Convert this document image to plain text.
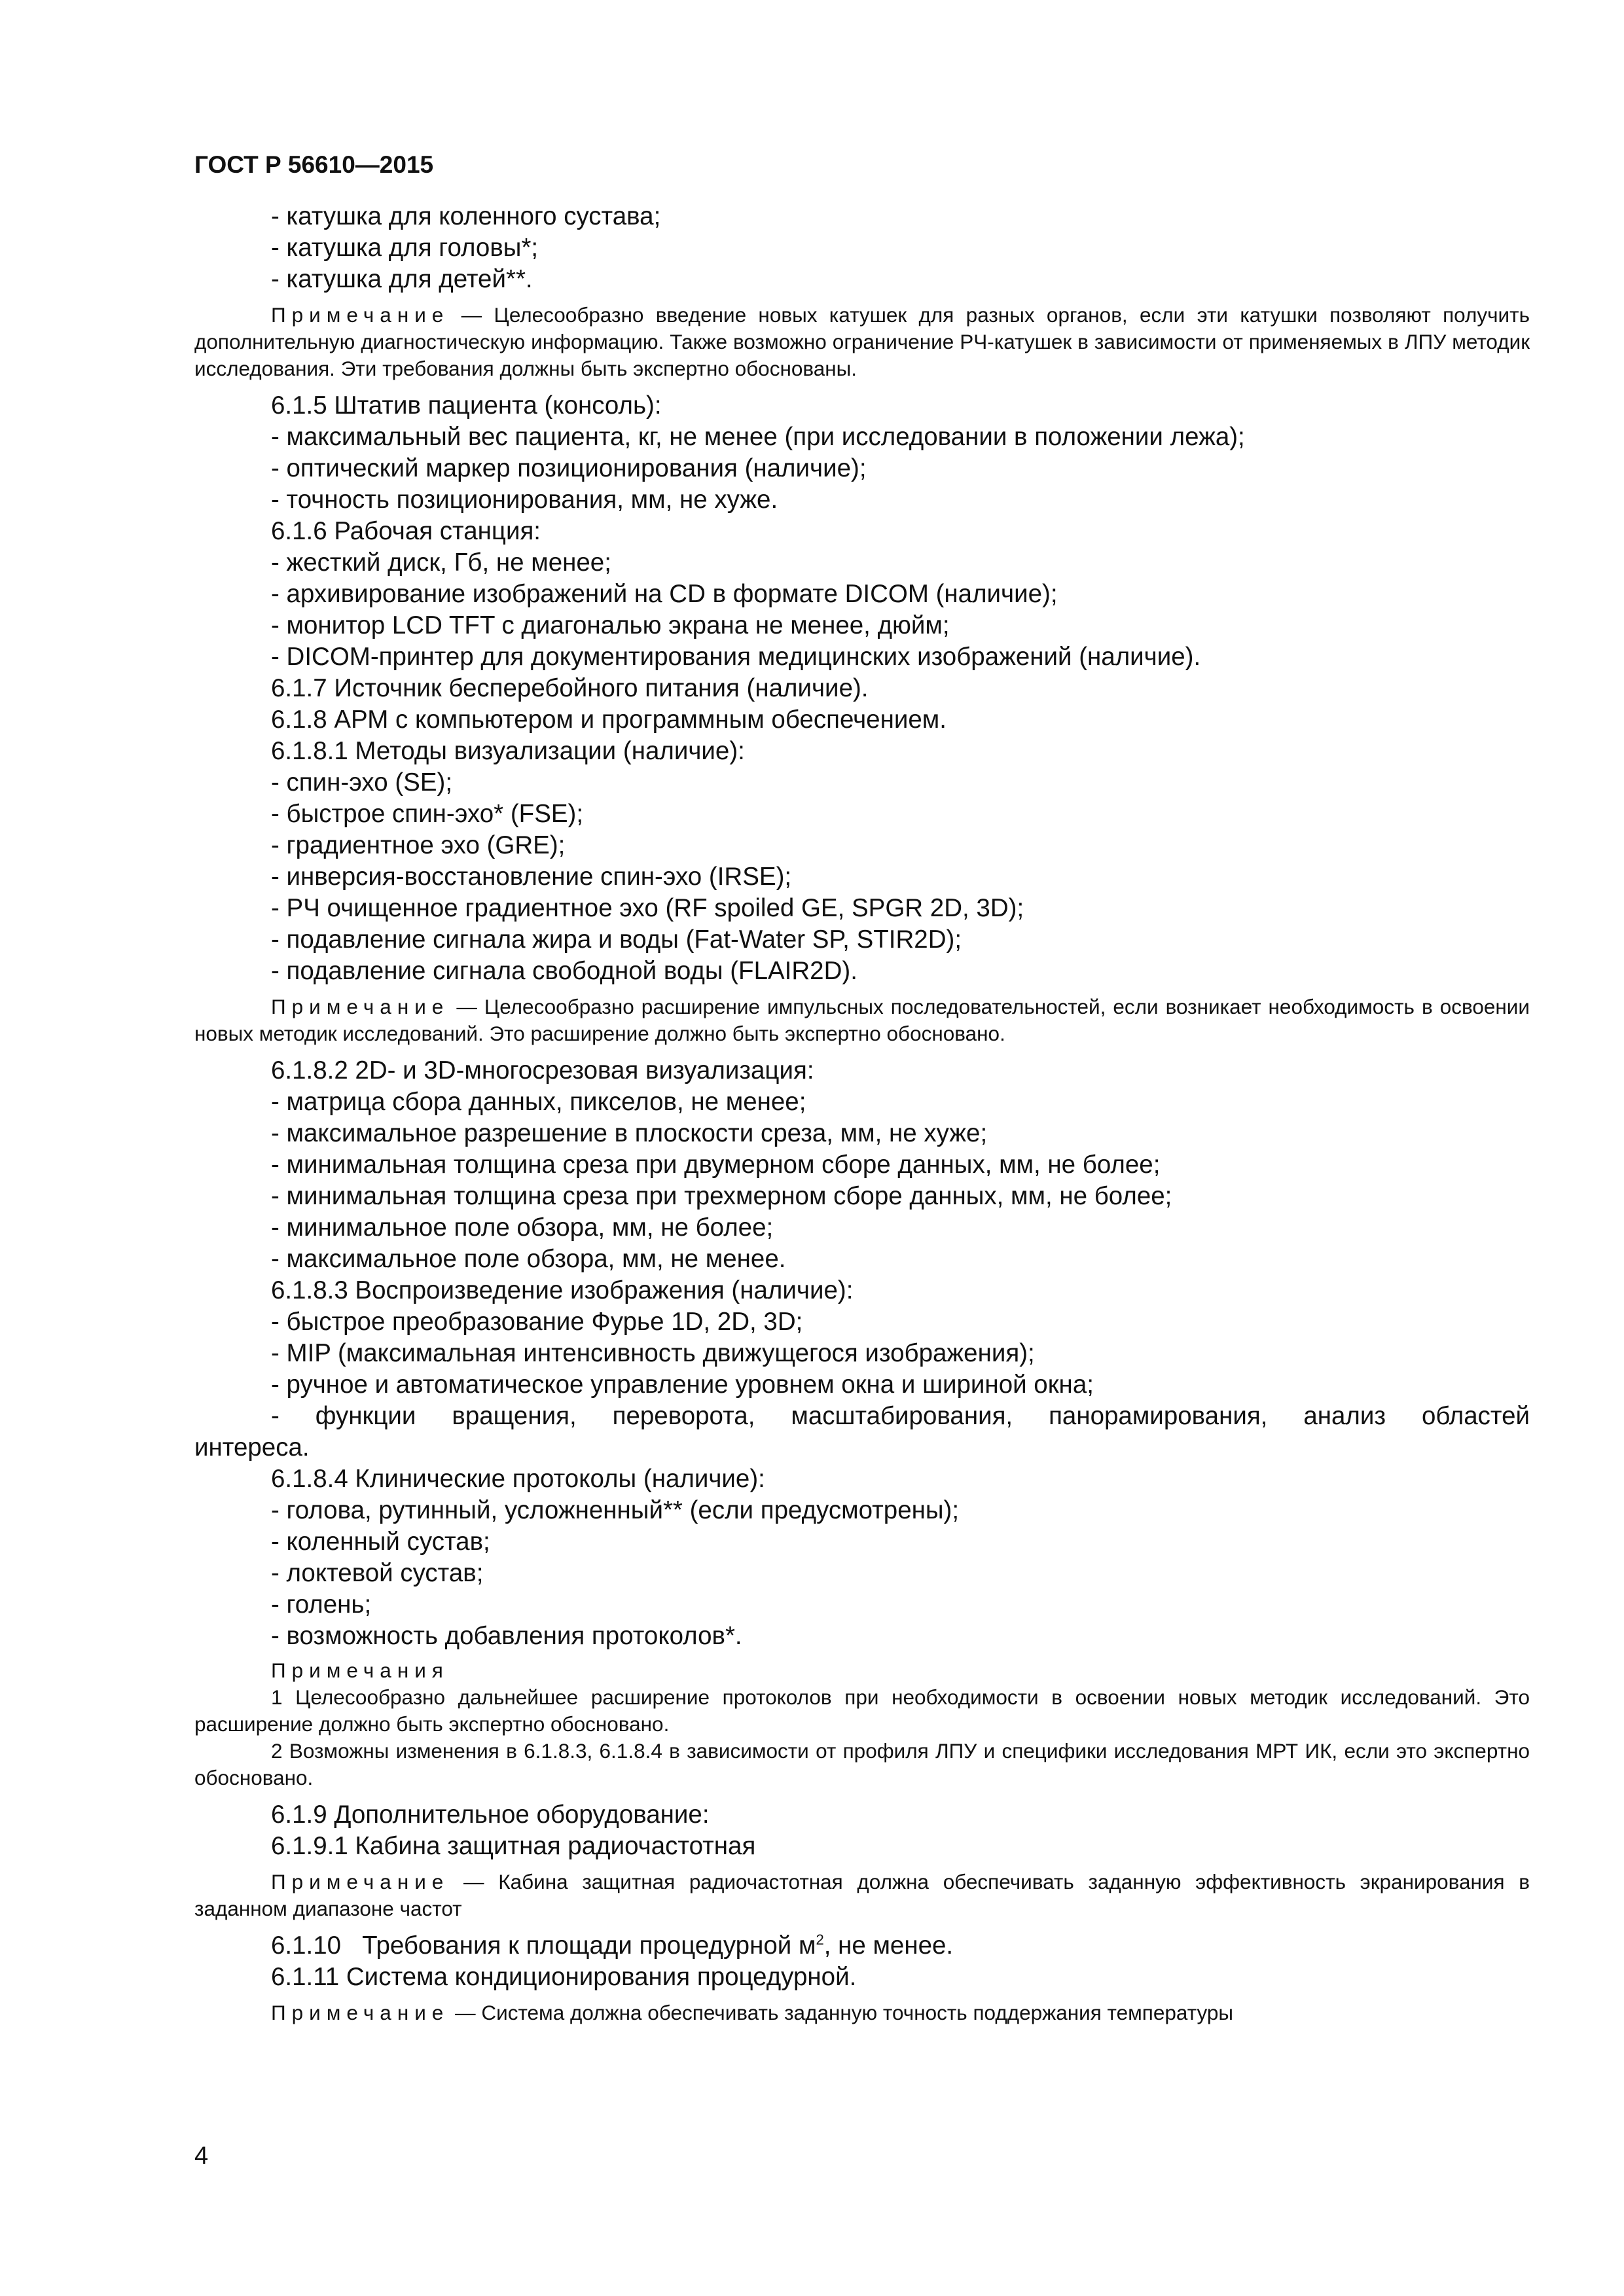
ГОСТ Р 56610—2015

- катушка для коленного сустава;

- катушка для головы*;

- катушка для детей**.

Примечание — Целесообразно введение новых катушек для разных органов, если эти катушки позволяют получить дополнительную диагностическую информацию. Также возможно ограничение РЧ-катушек в зависимости от применяемых в ЛПУ методик исследования. Эти требования должны быть экспертно обоснованы.

6.1.5 Штатив пациента (консоль):

- максимальный вес пациента, кг, не менее (при исследовании в положении лежа);

- оптический маркер позиционирования (наличие);

- точность позиционирования, мм, не хуже.

6.1.6 Рабочая станция:

- жесткий диск, Гб, не менее;

- архивирование изображений на CD в формате DICOM (наличие);

- монитор LCD TFT с диагональю экрана не менее, дюйм;

- DICOM-принтер для документирования медицинских изображений (наличие).

6.1.7 Источник бесперебойного питания (наличие).

6.1.8 АРМ с компьютером и программным обеспечением.

6.1.8.1 Методы визуализации (наличие):

- спин-эхо (SE);

- быстрое спин-эхо* (FSE);

- градиентное эхо (GRE);

- инверсия-восстановление спин-эхо (IRSE);

- РЧ очищенное градиентное эхо (RF spoiled GE, SPGR 2D, 3D);

- подавление сигнала жира и воды (Fat-Water SP, STIR2D);

- подавление сигнала свободной воды (FLAIR2D).

Примечание — Целесообразно расширение импульсных последовательностей, если возникает необходимость в освоении новых методик исследований. Это расширение должно быть экспертно обосновано.

6.1.8.2 2D- и 3D-многосрезовая визуализация:

- матрица сбора данных, пикселов, не менее;

- максимальное разрешение в плоскости среза, мм, не хуже;

- минимальная толщина среза при двумерном сборе данных, мм, не более;

- минимальная толщина среза при трехмерном сборе данных, мм, не более;

- минимальное поле обзора, мм, не более;

- максимальное поле обзора, мм, не менее.

6.1.8.3 Воспроизведение изображения (наличие):

- быстрое преобразование Фурье 1D, 2D, 3D;

- MIP (максимальная интенсивность движущегося изображения);

- ручное и автоматическое управление уровнем окна и шириной окна;

- функции вращения, переворота, масштабирования, панорамирования, анализ областей

интереса.

6.1.8.4 Клинические протоколы (наличие):

- голова, рутинный, усложненный** (если предусмотрены);

- коленный сустав;

- локтевой сустав;

- голень;

- возможность добавления протоколов*.

Примечания

1 Целесообразно дальнейшее расширение протоколов при необходимости в освоении новых методик исследований. Это расширение должно быть экспертно обосновано.

2 Возможны изменения в 6.1.8.3, 6.1.8.4 в зависимости от профиля ЛПУ и специфики исследования МРТ ИК, если это экспертно обосновано.

6.1.9 Дополнительное оборудование:

6.1.9.1 Кабина защитная радиочастотная

Примечание — Кабина защитная радиочастотная должна обеспечивать заданную эффективность экранирования в заданном диапазоне частот

6.1.10   Требования к площади процедурной $м^2$, не менее.

6.1.11 Система кондиционирования процедурной.

Примечание — Система должна обеспечивать заданную точность поддержания температуры

4
